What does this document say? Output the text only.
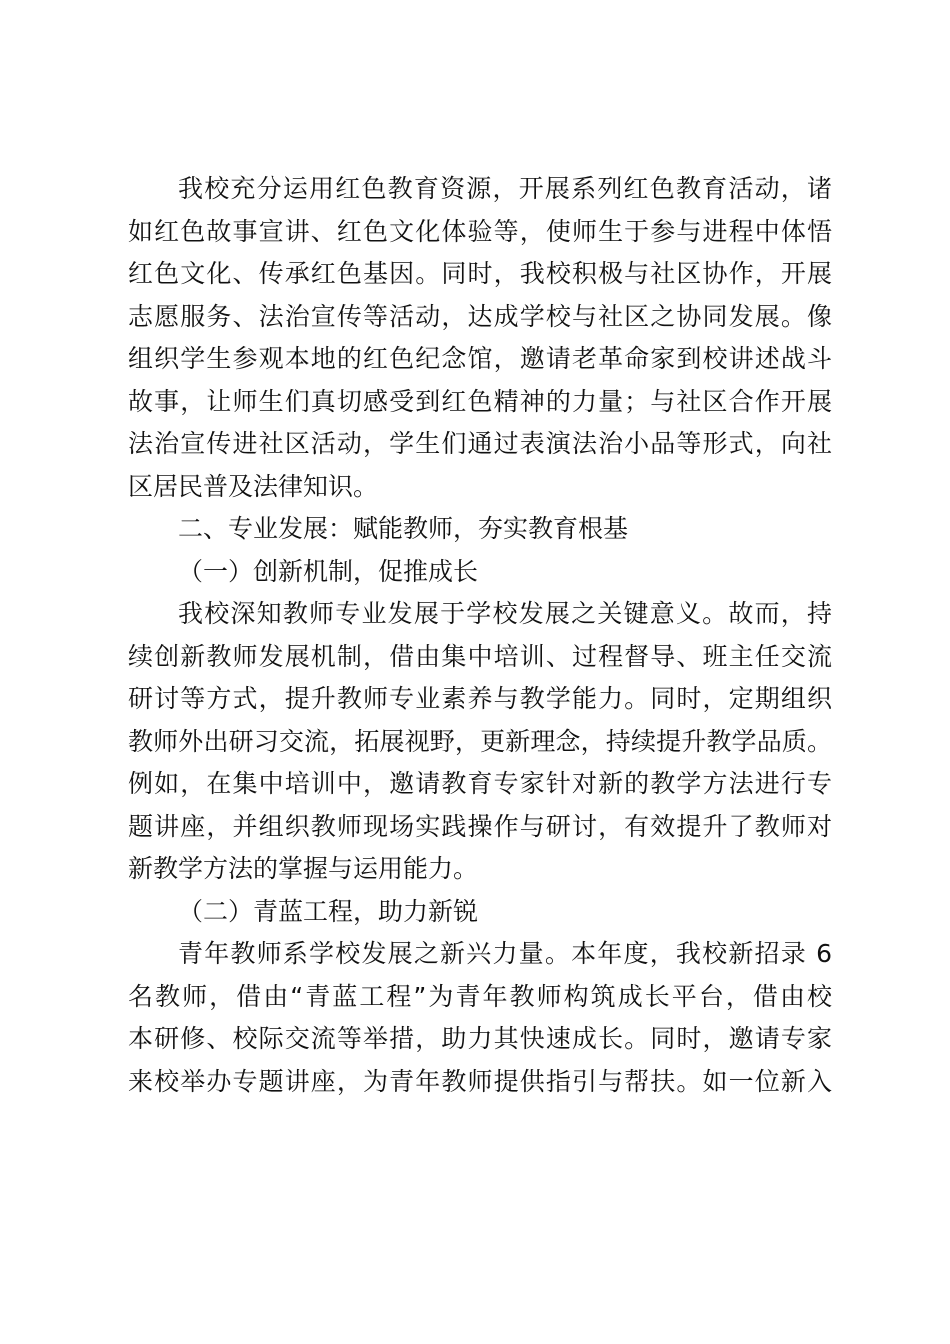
我校充分运用红色教育资源，开展系列红色教育活动，诸
如红色故事宣讲、红色文化体验等，使师生于参与进程中体悟
红色文化、传承红色基因。同时，我校积极与社区协作，开展
志愿服务、法治宣传等活动，达成学校与社区之协同发展。像
组织学生参观本地的红色纪念馆，邀请老革命家到校讲述战斗
故事，让师生们真切感受到红色精神的力量；与社区合作开展
法治宣传进社区活动，学生们通过表演法治小品等形式，向社
区居民普及法律知识。
二、专业发展：赋能教师，夯实教育根基
（一）创新机制，促推成长
我校深知教师专业发展于学校发展之关键意义。故而，持
续创新教师发展机制，借由集中培训、过程督导、班主任交流
研讨等方式，提升教师专业素养与教学能力。同时，定期组织
教师外出研习交流，拓展视野，更新理念，持续提升教学品质。
例如，在集中培训中，邀请教育专家针对新的教学方法进行专
题讲座，并组织教师现场实践操作与研讨，有效提升了教师对
新教学方法的掌握与运用能力。
（二）青蓝工程，助力新锐
青年教师系学校发展之新兴力量。本年度，我校新招录 6
名教师，借由“青蓝工程”为青年教师构筑成长平台，借由校
本研修、校际交流等举措，助力其快速成长。同时，邀请专家
来校举办专题讲座，为青年教师提供指引与帮扶。如一位新入
